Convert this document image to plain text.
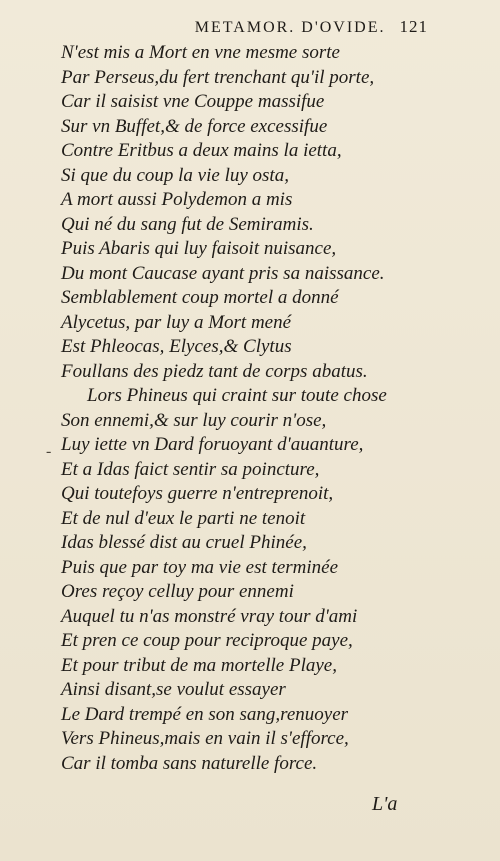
METAMOR. D'OVIDE. 121
N'est mis a Mort en vne mesme sorte
Par Perseus,du fert trenchant qu'il porte,
Car il saisist vne Couppe massifue
Sur vn Buffet,& de force excessifue
Contre Eritbus a deux mains la ietta,
Si que du coup la vie luy osta,
A mort aussi Polydemon a mis
Qui né du sang fut de Semiramis.
Puis Abaris qui luy faisoit nuisance,
Du mont Caucase ayant pris sa naissance.
Semblablement coup mortel a donné
Alycetus, par luy a Mort mené
Est Phleocas, Elyces,& Clytus
Foullans des piedz tant de corps abatus.
Lors Phineus qui craint sur toute chose
Son ennemi,& sur luy courir n'ose,
Luy iette vn Dard foruoyant d'auanture,
Et a Idas faict sentir sa poincture,
Qui toutefoys guerre n'entreprenoit,
Et de nul d'eux le parti ne tenoit
Idas blessé dist au cruel Phinée,
Puis que par toy ma vie est terminée
Ores reçoy celluy pour ennemi
Auquel tu n'as monstré vray tour d'ami
Et pren ce coup pour reciproque paye,
Et pour tribut de ma mortelle Playe,
Ainsi disant,se voulut essayer
Le Dard trempé en son sang,renuoyer
Vers Phineus,mais en vain il s'efforce,
Car il tomba sans naturelle force.
-
L'a
